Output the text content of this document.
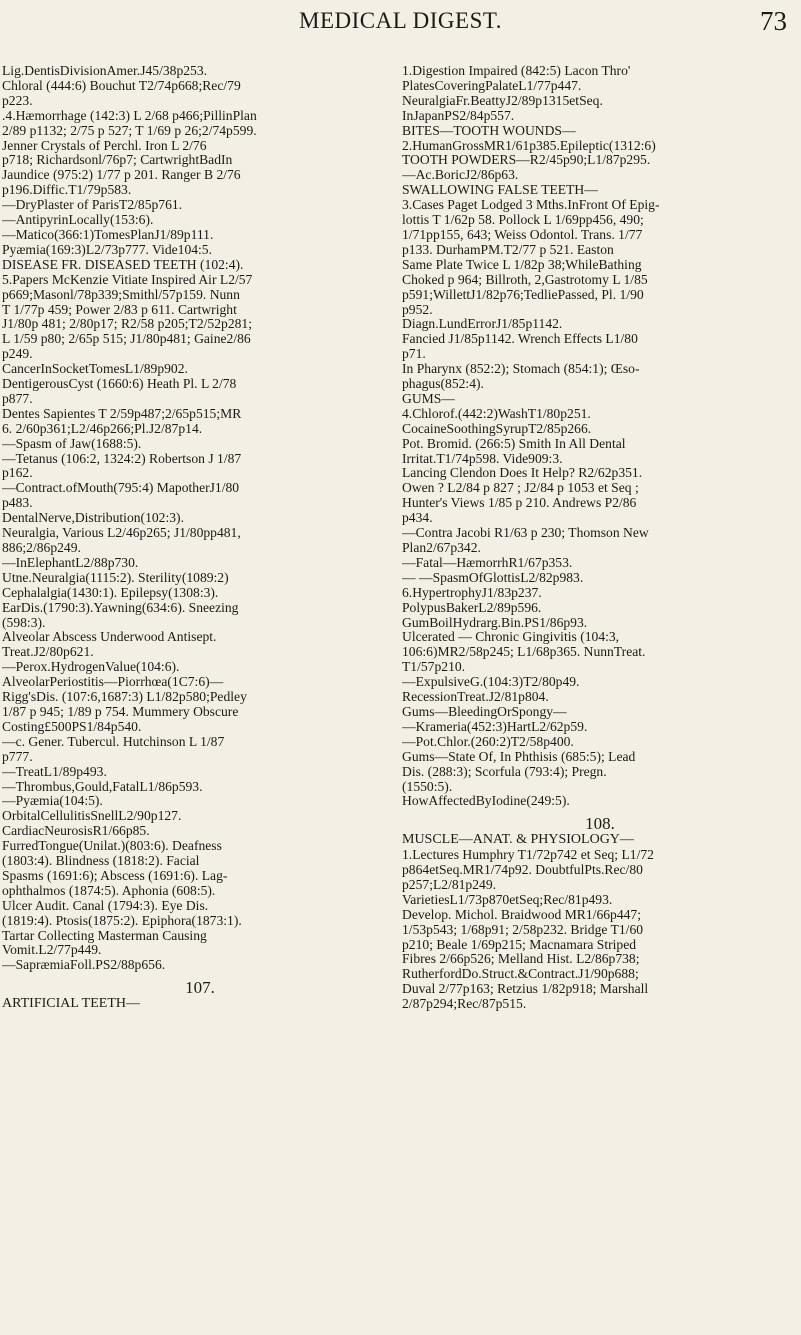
MEDICAL DIGEST.	73
Lig.DentisDivisionAmer.J45/38p253.
Chloral (444:6) Bouchut T2/74p668;Rec/79
p223.
.4.Hæmorrhage (142:3) L 2/68 p466;PillinPlan
2/89 p1132; 2/75 p 527; T 1/69 p 26;2/74p599.
Jenner Crystals of Perchl. Iron L 2/76
p718; Richardsonl/76p7; CartwrightBadIn
Jaundice (975:2) 1/77 p 201. Ranger B 2/76
p196.Diffic.T1/79p583.
—DryPlaster of ParisT2/85p761.
—AntipyrinLocally(153:6).
—Matico(366:1)TomesPlanJ1/89p111.
Pyæmia(169:3)L2/73p777. Vide104:5.
DISEASE FR. DISEASED TEETH (102:4).
5.Papers McKenzie Vitiate Inspired Air L2/57
p669;Masonl/78p339;Smithl/57p159. Nunn
T 1/77p 459; Power 2/83 p 611. Cartwright
J1/80p 481; 2/80p17; R2/58 p205;T2/52p281;
L 1/59 p80; 2/65p 515; J1/80p481; Gaine2/86
p249.
CancerInSocketTomesL1/89p902.
DentigerousCyst (1660:6) Heath Pl. L 2/78
p877.
Dentes Sapientes T 2/59p487;2/65p515;MR
6. 2/60p361;L2/46p266;Pl.J2/87p14.
—Spasm of Jaw(1688:5).
—Tetanus (106:2, 1324:2) Robertson J 1/87
p162.
—Contract.ofMouth(795:4) MapotherJ1/80
p483.
DentalNerve,Distribution(102:3).
Neuralgia, Various L2/46p265; J1/80pp481,
886;2/86p249.
—InElephantL2/88p730.
Utne.Neuralgia(1115:2). Sterility(1089:2)
Cephalalgia(1430:1). Epilepsy(1308:3).
EarDis.(1790:3).Yawning(634:6). Sneezing
(598:3).
Alveolar Abscess Underwood Antisept.
Treat.J2/80p621.
—Perox.HydrogenValue(104:6).
AlveolarPeriostitis—Piorrhœa(1C7:6)—
Rigg'sDis. (107:6,1687:3) L1/82p580;Pedley
1/87 p 945; 1/89 p 754. Mummery Obscure
Costing£500PS1/84p540.
—c. Gener. Tubercul. Hutchinson L 1/87
p777.
—TreatL1/89p493.
—Thrombus,Gould,FatalL1/86p593.
—Pyæmia(104:5).
OrbitalCellulitisSnellL2/90p127.
CardiacNeurosisR1/66p85.
FurredTongue(Unilat.)(803:6). Deafness
(1803:4). Blindness (1818:2). Facial
Spasms (1691:6); Abscess (1691:6). Lag-
ophthalmos (1874:5). Aphonia (608:5).
Ulcer Audit. Canal (1794:3). Eye Dis.
(1819:4). Ptosis(1875:2). Epiphora(1873:1).
Tartar Collecting Masterman Causing
Vomit.L2/77p449.
—SapræmiaFoll.PS2/88p656.
107.
ARTIFICIAL TEETH—
1.Digestion Impaired (842:5) Lacon Thro'
PlatesCoveringPalateL1/77p447.
NeuralgiaFr.BeattyJ2/89p1315etSeq.
InJapanPS2/84p557.
BITES—TOOTH WOUNDS—
2.HumanGrossMR1/61p385.Epileptic(1312:6)
TOOTH POWDERS—R2/45p90;L1/87p295.
—Ac.BoricJ2/86p63.
SWALLOWING FALSE TEETH—
3.Cases Paget Lodged 3 Mths.InFront Of Epig-
lottis T 1/62p 58. Pollock L 1/69pp456, 490;
1/71pp155, 643; Weiss Odontol. Trans. 1/77
p133. DurhamPM.T2/77 p 521. Easton
Same Plate Twice L 1/82p 38;WhileBathing
Choked p 964; Billroth, 2,Gastrotomy L 1/85
p591;WillettJ1/82p76;TedliePassed, Pl. 1/90
p952.
Diagn.LundErrorJ1/85p1142.
Fancied J1/85p1142. Wrench Effects L1/80
p71.
In Pharynx (852:2); Stomach (854:1); Œso-
phagus(852:4).
GUMS—
4.Chlorof.(442:2)WashT1/80p251.
CocaineSoothingSyrupT2/85p266.
Pot. Bromid. (266:5) Smith In All Dental
Irritat.T1/74p598. Vide909:3.
Lancing Clendon Does It Help? R2/62p351.
Owen ? L2/84 p 827 ; J2/84 p 1053 et Seq ;
Hunter's Views 1/85 p 210. Andrews P2/86
p434.
—Contra Jacobi R1/63 p 230; Thomson New
Plan2/67p342.
—Fatal—HæmorrhR1/67p353.
— —SpasmOfGlottisL2/82p983.
6.HypertrophyJ1/83p237.
PolypusBakerL2/89p596.
GumBoilHydrarg.Bin.PS1/86p93.
Ulcerated — Chronic Gingivitis (104:3,
106:6)MR2/58p245; L1/68p365. NunnTreat.
T1/57p210.
—ExpulsiveG.(104:3)T2/80p49.
RecessionTreat.J2/81p804.
Gums—BleedingOrSpongy—
—Krameria(452:3)HartL2/62p59.
—Pot.Chlor.(260:2)T2/58p400.
Gums—State Of, In Phthisis (685:5); Lead
Dis. (288:3); Scorfula (793:4); Pregn.
(1550:5).
HowAffectedByIodine(249:5).
108.
MUSCLE—ANAT. & PHYSIOLOGY—
1.Lectures Humphry T1/72p742 et Seq; L1/72
p864etSeq.MR1/74p92. DoubtfulPts.Rec/80
p257;L2/81p249.
VarietiesL1/73p870etSeq;Rec/81p493.
Develop. Michol. Braidwood MR1/66p447;
1/53p543; 1/68p91; 2/58p232. Bridge T1/60
p210; Beale 1/69p215; Macnamara Striped
Fibres 2/66p526; Melland Hist. L2/86p738;
RutherfordDo.Struct.&Contract.J1/90p688;
Duval 2/77p163; Retzius 1/82p918; Marshall
2/87p294;Rec/87p515.
